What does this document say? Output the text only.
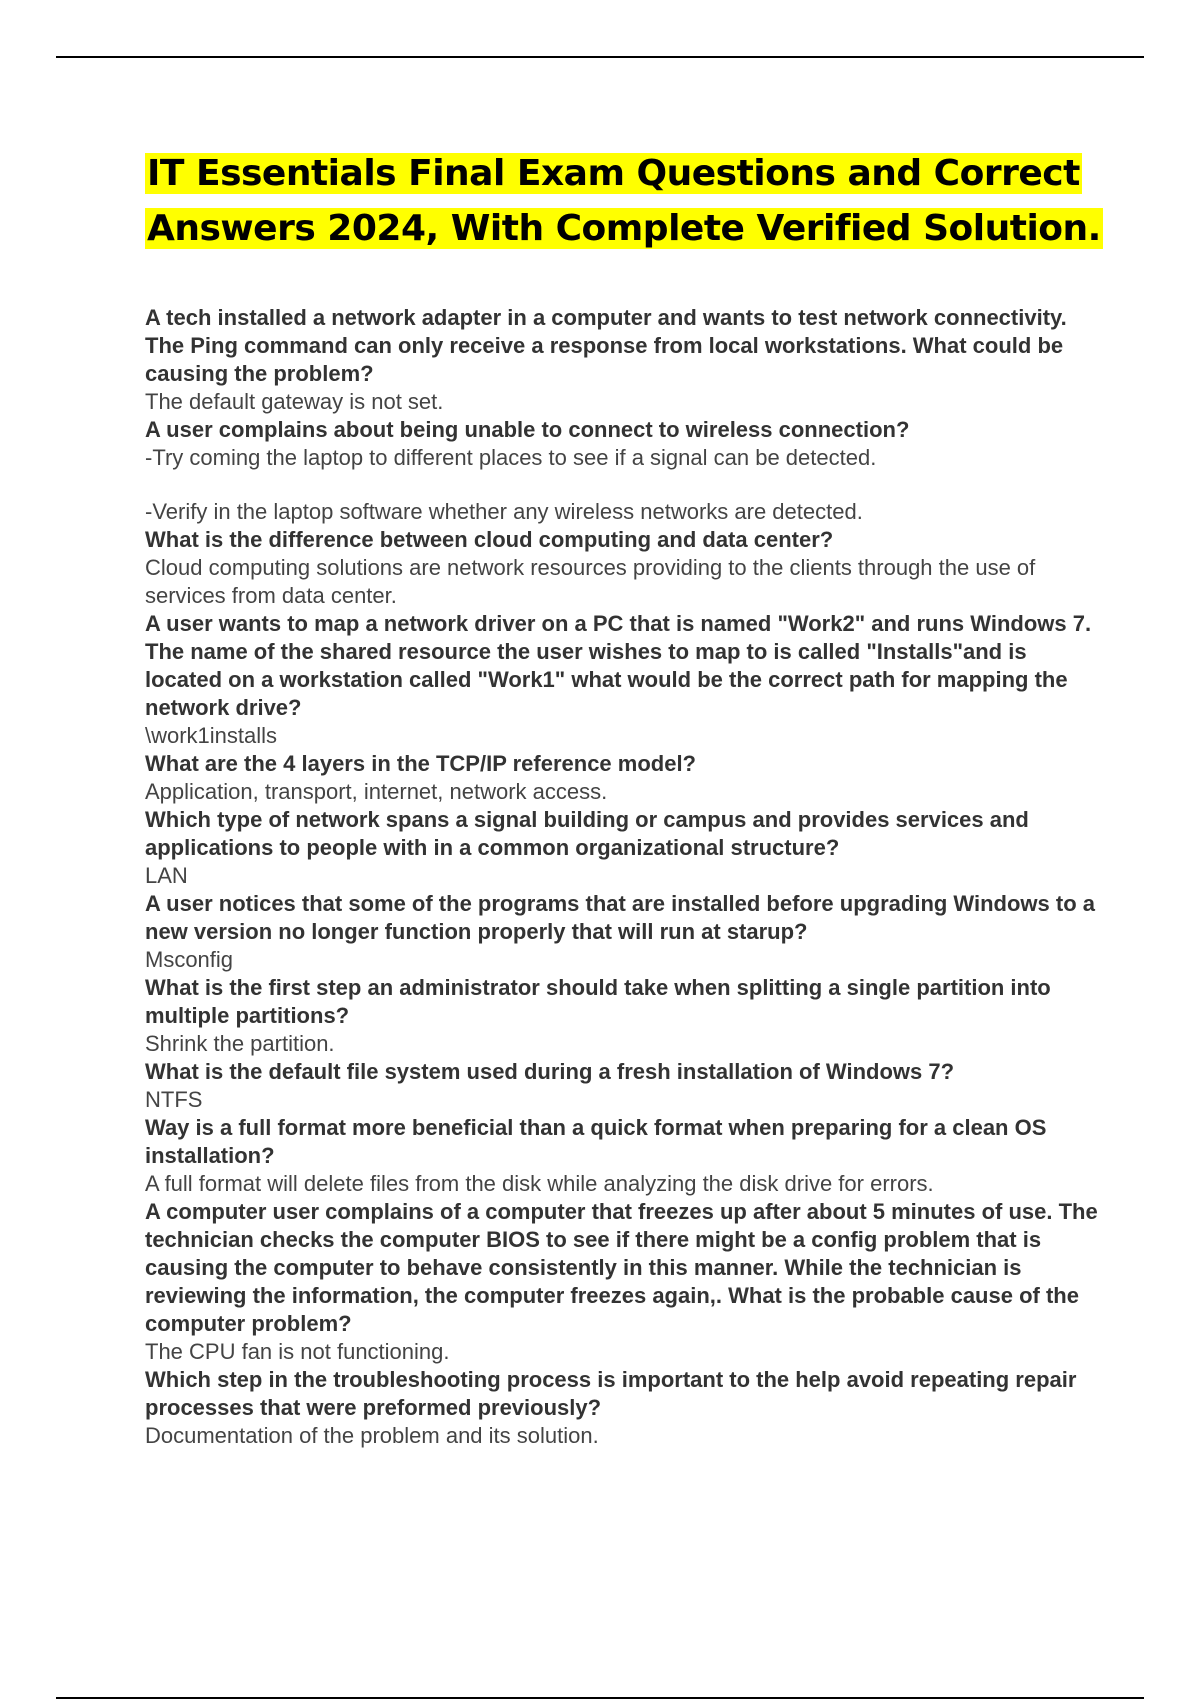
IT Essentials Final Exam Questions and Correct Answers 2024, With Complete Verified Solution.

A tech installed a network adapter in a computer and wants to test network connectivity. The Ping command can only receive a response from local workstations. What could be causing the problem?

The default gateway is not set.

A user complains about being unable to connect to wireless connection?

-Try coming the laptop to different places to see if a signal can be detected.

-Verify in the laptop software whether any wireless networks are detected.

What is the difference between cloud computing and data center?

Cloud computing solutions are network resources providing to the clients through the use of services from data center.

A user wants to map a network driver on a PC that is named "Work2" and runs Windows 7. The name of the shared resource the user wishes to map to is called "Installs"and is located on a workstation called "Work1" what would be the correct path for mapping the network drive?

\work1installs

What are the 4 layers in the TCP/IP reference model?

Application, transport, internet, network access.

Which type of network spans a signal building or campus and provides services and applications to people with in a common organizational structure?

LAN

A user notices that some of the programs that are installed before upgrading Windows to a new version no longer function properly that will run at starup?

Msconfig

What is the first step an administrator should take when splitting a single partition into multiple partitions?

Shrink the partition.

What is the default file system used during a fresh installation of Windows 7?

NTFS

Way is a full format more beneficial than a quick format when preparing for a clean OS installation?

A full format will delete files from the disk while analyzing the disk drive for errors.

A computer user complains of a computer that freezes up after about 5 minutes of use. The technician checks the computer BIOS to see if there might be a config problem that is causing the computer to behave consistently in this manner. While the technician is reviewing the information, the computer freezes again,. What is the probable cause of the computer problem?

The CPU fan is not functioning.

Which step in the troubleshooting process is important to the help avoid repeating repair processes that were preformed previously?

Documentation of the problem and its solution.
